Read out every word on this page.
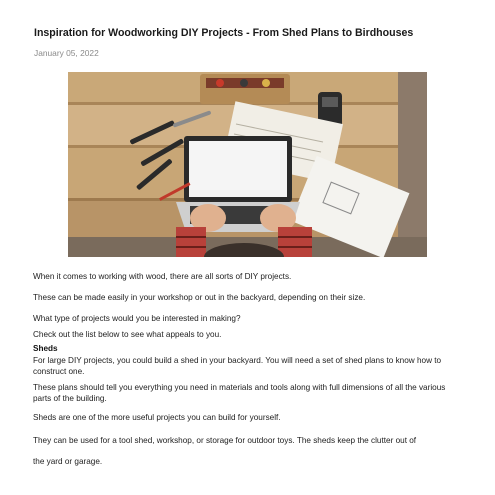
Inspiration for Woodworking DIY Projects - From Shed Plans to Birdhouses
January 05, 2022
When it comes to working with wood, there are all sorts of DIY projects.
These can be made easily in your workshop or out in the backyard, depending on their size.
What type of projects would you be interested in making?
Check out the list below to see what appeals to you.
Sheds
For large DIY projects, you could build a shed in your backyard. You will need a set of shed plans to know how to construct one.
These plans should tell you everything you need in materials and tools along with full dimensions of all the various parts of the building.
Sheds are one of the more useful projects you can build for yourself.
They can be used for a tool shed, workshop, or storage for outdoor toys. The sheds keep the clutter out of
the yard or garage.
